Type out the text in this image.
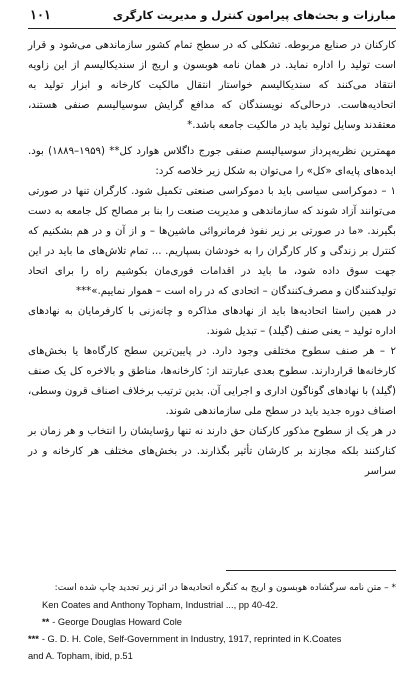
۱۰۱	مبارزات و بحث‌های پیرامون کنترل و مدیریت کارگری

کارکنان در صنایع مربوطه. تشکلی که در سطح تمام کشور سازماندهی می‌شود و قرار است تولید را اداره نماید. در همان نامه هوبسون و اریج از سندیکالیسم از این زاویه انتقاد می‌کنند که سندیکالیسم خواستار انتقال مالکیت کارخانه و ابزار تولید به اتحادیه‌هاست. درحالی‌که نویسندگان که مدافع گرایش سوسیالیسم صنفی هستند، معتقدند وسایل تولید باید در مالکیت جامعه باشد.*

مهمترین نظریه‌پرداز سوسیالیسم صنفی جورج داگلاس هوارد کل** (۱۹۵۹–۱۸۸۹) بود. ایده‌های پایه‌ای «کل» را می‌توان به شکل زیر خلاصه کرد:

۱ – دموکراسی سیاسی باید با دموکراسی صنعتی تکمیل شود. کارگران تنها در صورتی می‌توانند آزاد شوند که سازماندهی و مدیریت صنعت را بنا بر مصالح کل جامعه به دست بگیرند. «ما در صورتی بر زیر نفوذ فرمانروائی ماشین‌ها – و از آن و در هم بشکنیم که کنترل بر زندگی و کار کارگران را به خودشان بسپاریم. ... تمام تلاش‌های ما باید در این جهت سوق داده شود، ما باید در اقدامات فوری‌مان بکوشیم راه را برای اتحاد تولیدکنندگان و مصرف‌کنندگان – اتحادی که در راه است – هموار نماییم.»***

در همین راستا اتحادیه‌ها باید از نهادهای مذاکره و چانه‌زنی با کارفرمایان به نهادهای اداره تولید – یعنی صنف (گیلد) – تبدیل شوند.

۲ – هر صنف سطوح مختلفی وجود دارد. در پایین‌ترین سطح کارگاه‌ها یا بخش‌های کارخانه‌ها قراردارند. سطوح بعدی عبارتند از: کارخانه‌ها، مناطق و بالاخره کل یک صنف (گیلد) با نهادهای گوناگون اداری و اجرایی آن. بدین ترتیب برخلاف اصناف قرون وسطی، اصناف دوره جدید باید در سطح ملی سازماندهی شوند.

در هر یک از سطوح مذکور کارکنان حق دارند نه تنها رؤسایشان را انتخاب و هر زمان بر کنارکنند بلکه مجازند بر کارشان تأثیر بگذارند. در بخش‌های مختلف هر کارخانه و در سراسر

* – متن نامه سرگشاده هوبسون و اریج به کنگره اتحادیه‌ها در اثر زیر تجدید چاپ شده است:
Ken Coates and Anthony Topham, Industrial ..., pp 40-42.
** - George Douglas Howard Cole
*** - G. D. H. Cole, Self-Government in Industry, 1917, reprinted in K.Coates
and A. Topham, ibid, p.51
